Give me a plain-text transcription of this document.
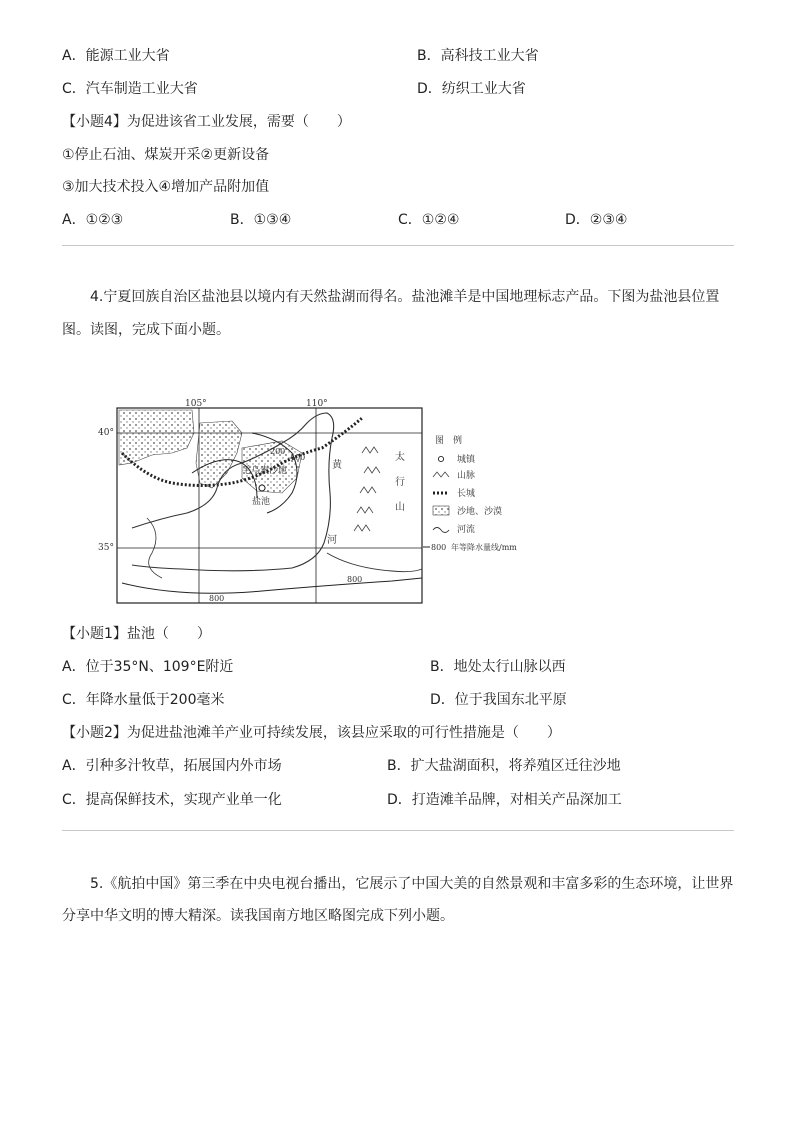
A．能源工业大省	B．高科技工业大省
C．汽车制造工业大省	D．纺织工业大省
【小题4】为促进该省工业发展，需要（　　）
①停止石油、煤炭开采②更新设备
③加大技术投入④增加产品附加值
A．①②③	B．①③④	C．①②④	D．②③④
4.宁夏回族自治区盐池县以境内有天然盐湖而得名。盐池滩羊是中国地理标志产品。下图为盐池县位置
图。读图，完成下面小题。
105°	110°
40°
35°
毛乌素沙地
盐池
黄
河
太
行
山
200
400
800
800
图　例
城镇
山脉
长城
沙地、沙漠
河流
800 年等降水量线/mm
【小题1】盐池（　　）
A．位于35°N、109°E附近	B．地处太行山脉以西
C．年降水量低于200毫米	D．位于我国东北平原
【小题2】为促进盐池滩羊产业可持续发展，该县应采取的可行性措施是（　　）
A．引种多汁牧草，拓展国内外市场	B．扩大盐湖面积，将养殖区迁往沙地
C．提高保鲜技术，实现产业单一化	D．打造滩羊品牌，对相关产品深加工
5.《航拍中国》第三季在中央电视台播出，它展示了中国大美的自然景观和丰富多彩的生态环境，让世界
分享中华文明的博大精深。读我国南方地区略图完成下列小题。
